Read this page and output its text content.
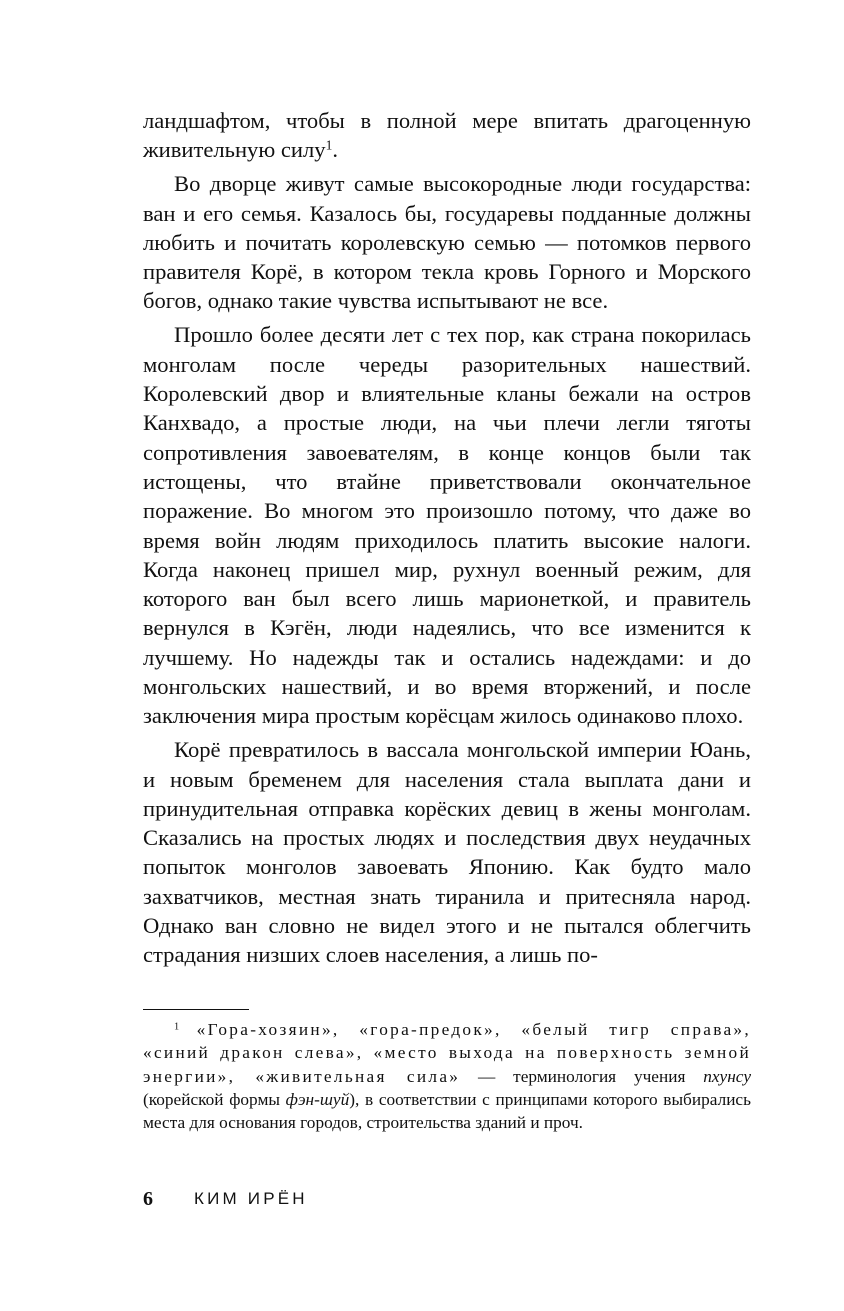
ландшафтом, чтобы в полной мере впитать драгоценную живительную силу$^1$.

Во дворце живут самые высокородные люди государства: ван и его семья. Казалось бы, государевы подданные должны любить и почитать королевскую семью — потомков первого правителя Корё, в котором текла кровь Горного и Морского богов, однако такие чувства испытывают не все.

Прошло более десяти лет с тех пор, как страна покорилась монголам после череды разорительных нашествий. Королевский двор и влиятельные кланы бежали на остров Канхвадо, а простые люди, на чьи плечи легли тяготы сопротивления завоевателям, в конце концов были так истощены, что втайне приветствовали окончательное поражение. Во многом это произошло потому, что даже во время войн людям приходилось платить высокие налоги. Когда наконец пришел мир, рухнул военный режим, для которого ван был всего лишь марионеткой, и правитель вернулся в Кэгён, люди надеялись, что все изменится к лучшему. Но надежды так и остались надеждами: и до монгольских нашествий, и во время вторжений, и после заключения мира простым корёсцам жилось одинаково плохо.

Корё превратилось в вассала монгольской империи Юань, и новым бременем для населения стала выплата дани и принудительная отправка корёских девиц в жены монголам. Сказались на простых людях и последствия двух неудачных попыток монголов завоевать Японию. Как будто мало захватчиков, местная знать тиранила и притесняла народ. Однако ван словно не видел этого и не пытался облегчить страдания низших слоев населения, а лишь по-

$^1$ «Гора-хозяин», «гора-предок», «белый тигр справа», «синий дракон слева», «место выхода на поверхность земной энергии», «живительная сила» — терминология учения пхунсу (корейской формы фэн-шуй), в соответствии с принципами которого выбирались места для основания городов, строительства зданий и проч.
6 КИМ ИРЁН
